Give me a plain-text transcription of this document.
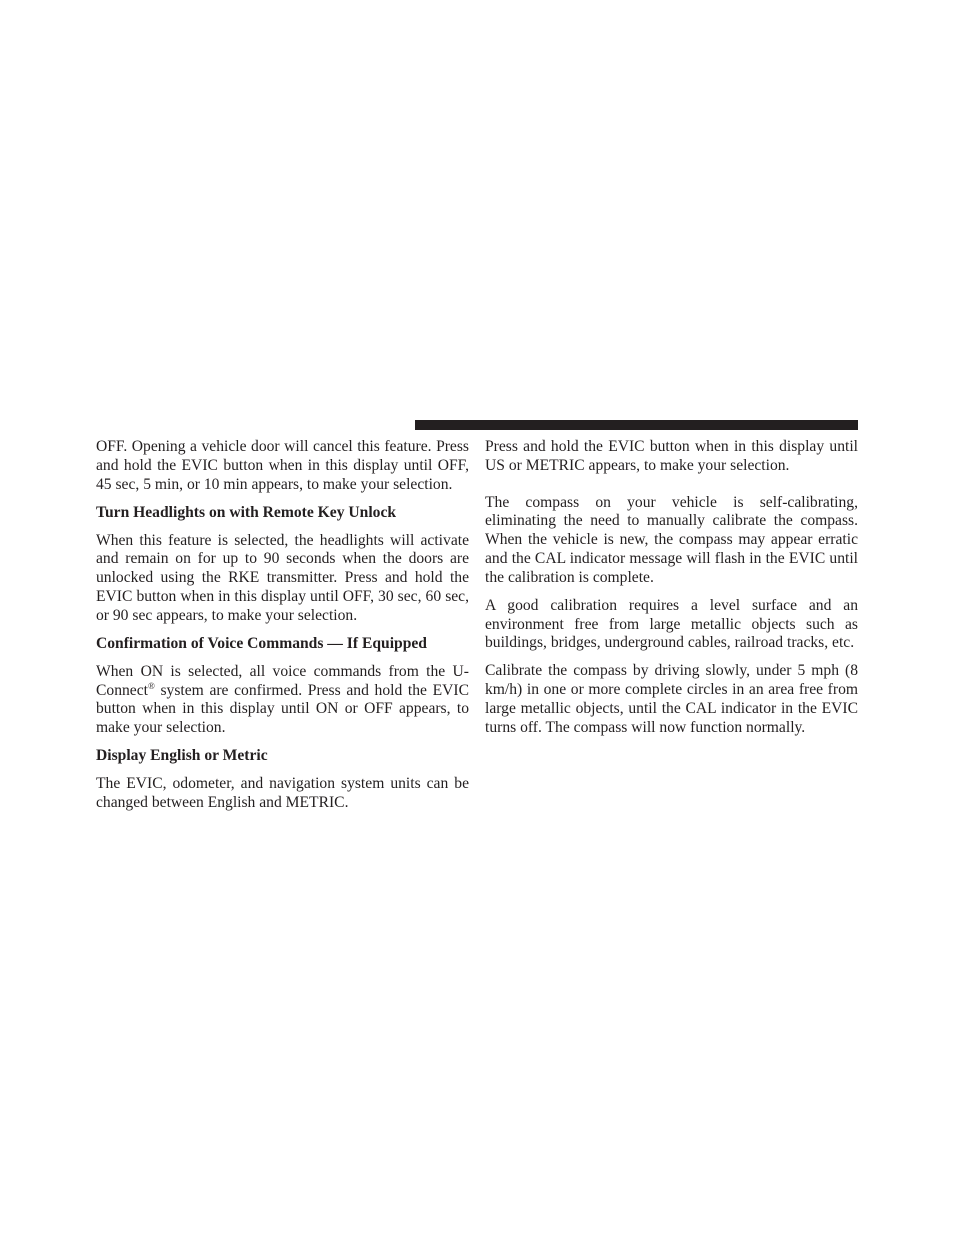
OFF. Opening a vehicle door will cancel this feature. Press and hold the EVIC button when in this display until OFF, 45 sec, 5 min, or 10 min appears, to make your selection.

Turn Headlights on with Remote Key Unlock

When this feature is selected, the headlights will activate and remain on for up to 90 seconds when the doors are unlocked using the RKE transmitter. Press and hold the EVIC button when in this display until OFF, 30 sec, 60 sec, or 90 sec appears, to make your selection.

Confirmation of Voice Commands — If Equipped

When ON is selected, all voice commands from the U-Connect® system are confirmed. Press and hold the EVIC button when in this display until ON or OFF appears, to make your selection.

Display English or Metric

The EVIC, odometer, and navigation system units can be changed between English and METRIC.

Press and hold the EVIC button when in this display until US or METRIC appears, to make your selection.

The compass on your vehicle is self-calibrating, eliminating the need to manually calibrate the compass. When the vehicle is new, the compass may appear erratic and the CAL indicator message will flash in the EVIC until the calibration is complete.

A good calibration requires a level surface and an environment free from large metallic objects such as buildings, bridges, underground cables, railroad tracks, etc.

Calibrate the compass by driving slowly, under 5 mph (8 km/h) in one or more complete circles in an area free from large metallic objects, until the CAL indicator in the EVIC turns off. The compass will now function normally.
